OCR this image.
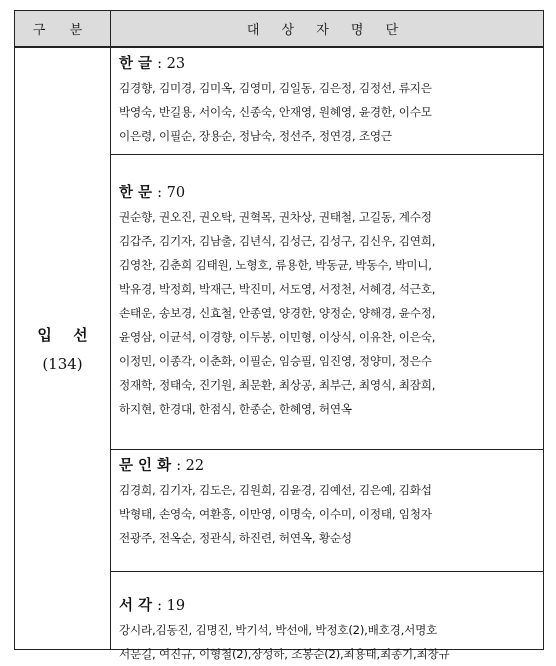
구 분	대 상 자 명 단
입 선
(134)
한 글 : 23
김경향, 김미경, 김미옥, 김영미, 김일동, 김은정, 김정선, 류지은
박영숙, 반길용, 서이숙, 신종숙, 안재영, 원혜영, 윤경한, 이수모
이은령, 이필순, 장용순, 정남숙, 정선주, 정연경, 조영근
한 문 : 70
권순향, 권오진, 권오탁, 권혁목, 권차상, 권태철, 고길동, 계수정
김갑주, 김기자, 김남출, 김년식, 김성근, 김성구, 김신우, 김연희,
김영찬, 김춘희 김태원, 노형호, 류용한, 박동균, 박동수, 박미니,
박유경, 박정희, 박재근, 박진미, 서도영, 서정천, 서혜경, 석근호,
손태운, 송보경, 신효철, 안종열, 양경한, 양정순, 양해경, 윤수정,
윤영삼, 이균석, 이경향, 이두봉, 이민형, 이상식, 이유찬, 이은숙,
이정민, 이종각, 이춘화, 이필순, 임승필, 임진영, 정양미, 정은수
정재학, 정태숙, 진기원, 최문환, 최상공, 최부근, 최영식, 최잠희,
하지현, 한경대, 한점식, 한종순, 한혜영, 허연옥
문 인 화 : 22
김경희, 김기자, 김도은, 김원희, 김윤경, 김예선, 김은예, 김화섭
박형태, 손영숙, 여환흥, 이만영, 이명숙, 이수미, 이정태, 임청자
전광주, 전옥순, 정관식, 하진련, 허연옥, 황순성
서 각 : 19
강시라,김동진, 김명진, 박기석, 박선애, 박정호(2),배호경,서명호
서문길, 여진규, 이형철(2),장성하, 조봉순(2),최용태,최종기,최창규
